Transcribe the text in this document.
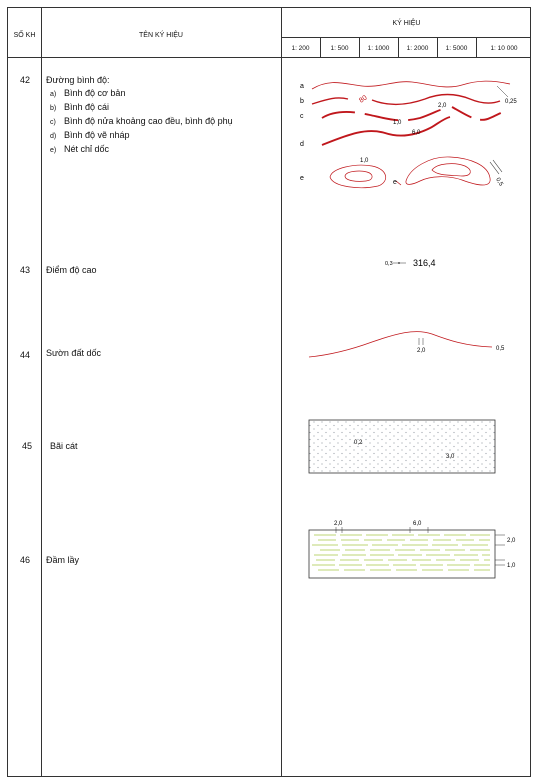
SỐ KH	TÊN KÝ HIỆU
KÝ HIỆU
1: 200	1: 500	1: 1000	1: 2000	1: 5000	1: 10 000
42	Đường bình độ:
a) Bình độ cơ bản
b) Bình độ cái
c) Bình độ nửa khoảng cao đều, bình độ phụ
d) Bình độ vẽ nháp
e) Nét chỉ dốc
43	Điểm độ cao
44	Sườn đất dốc
45	Bãi cát
46	Đầm lầy
a
b
c
d
e
e
80	0,25
2,0
1,0
6,0
1,0
0,5
0,3 316,4
2,0	0,5
0,2
3,0
2,0	6,0
2,0
1,0
